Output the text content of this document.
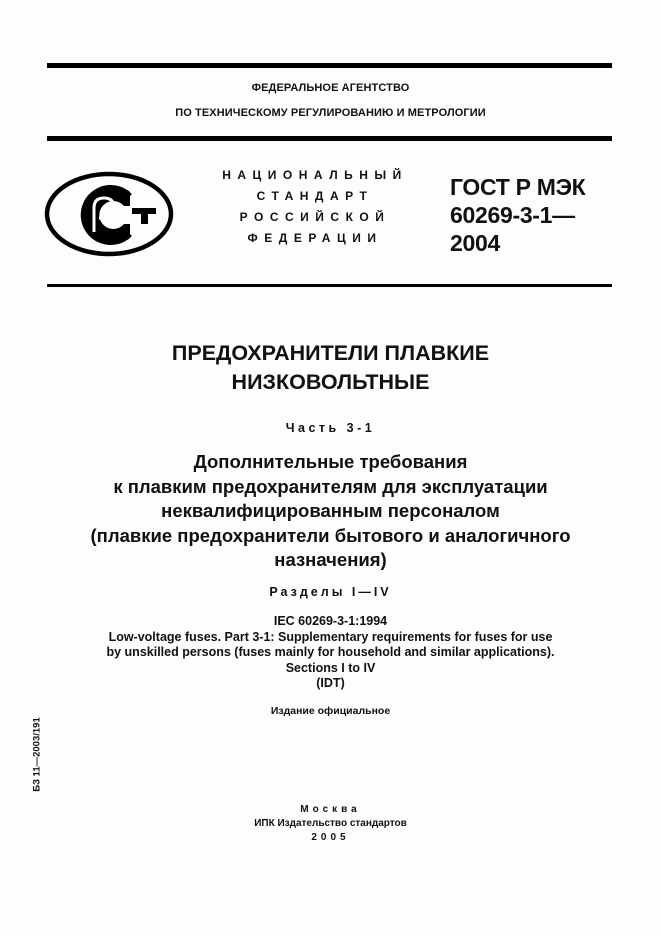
ФЕДЕРАЛЬНОЕ АГЕНТСТВО
ПО ТЕХНИЧЕСКОМУ РЕГУЛИРОВАНИЮ И МЕТРОЛОГИИ
НАЦИОНАЛЬНЫЙ
СТАНДАРТ
РОССИЙСКОЙ
ФЕДЕРАЦИИ
ГОСТ Р МЭК
60269-3-1—
2004
ПРЕДОХРАНИТЕЛИ ПЛАВКИЕ
НИЗКОВОЛЬТНЫЕ
Часть 3-1
Дополнительные требования
к плавким предохранителям для эксплуатации
неквалифицированным персоналом
(плавкие предохранители бытового и аналогичного
назначения)
Разделы I—IV
IEC 60269-3-1:1994
Low-voltage fuses. Part 3-1: Supplementary requirements for fuses for use
by unskilled persons (fuses mainly for household and similar applications).
Sections I to IV
(IDT)
Издание официальное
БЗ 11—2003/191
Москва
ИПК Издательство стандартов
2005
